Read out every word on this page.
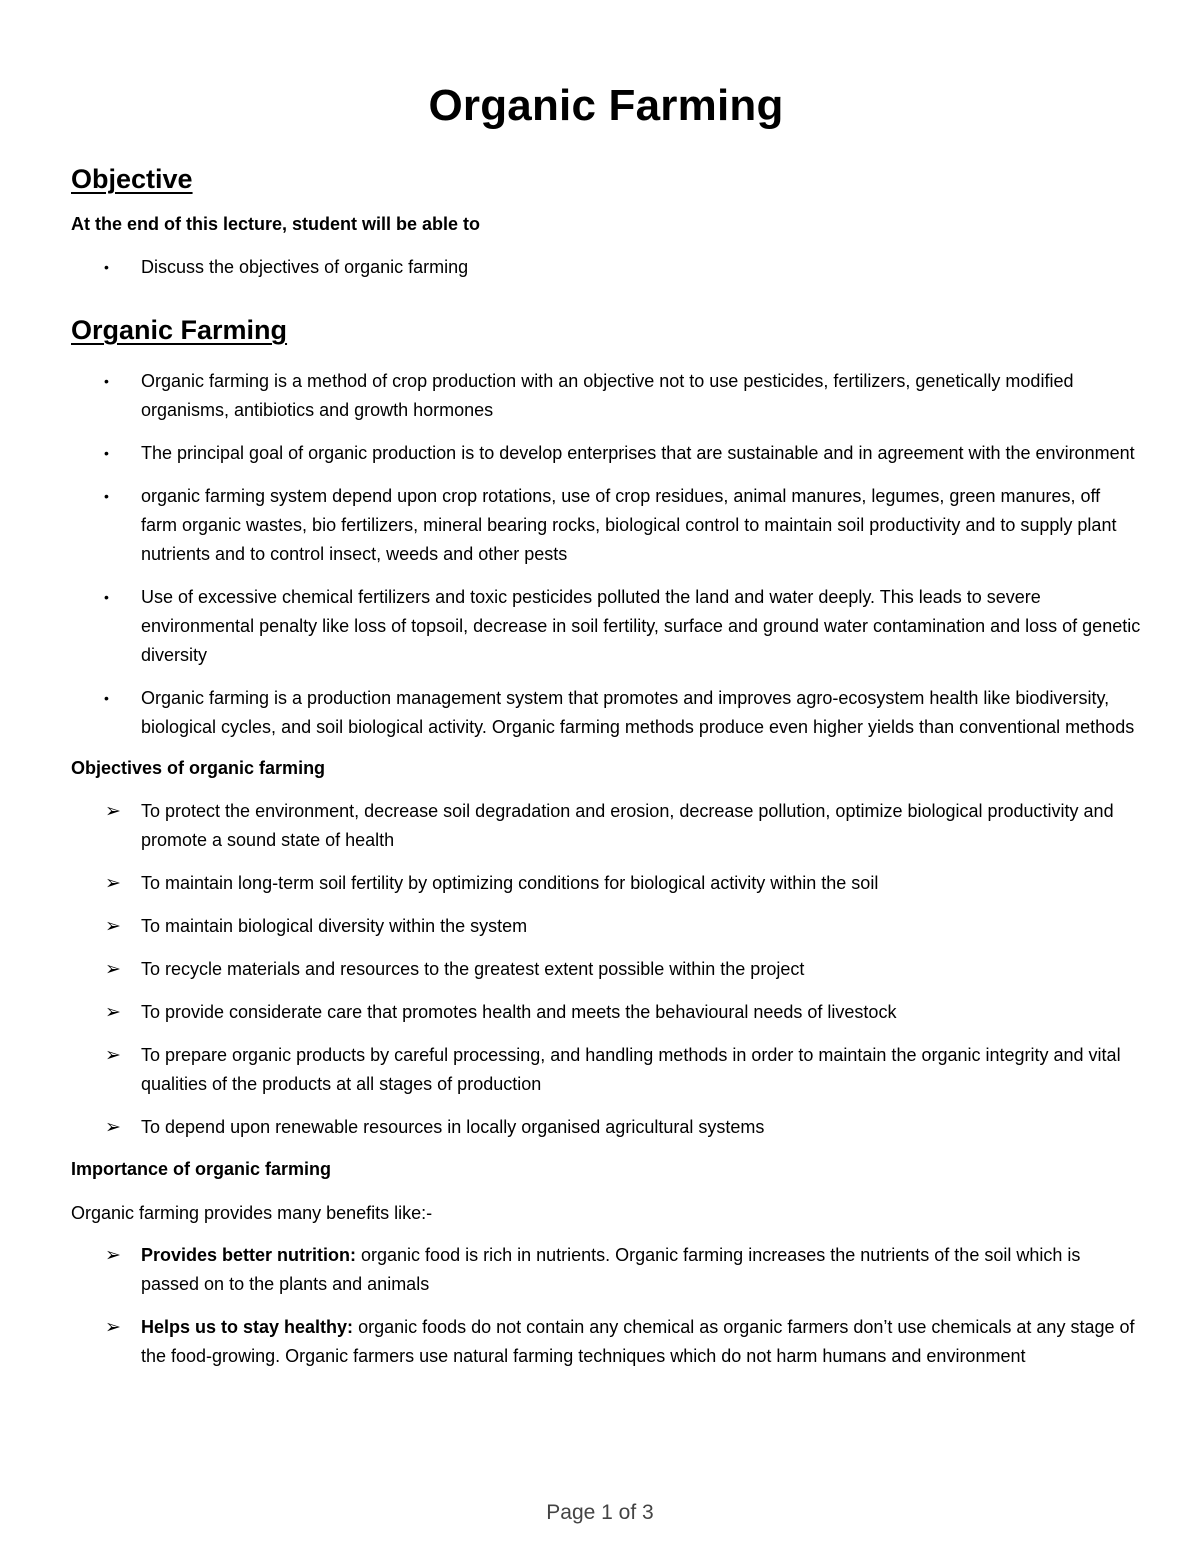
Organic Farming
Objective

At the end of this lecture, student will be able to

•	Discuss the objectives of organic farming
Organic Farming
•	Organic farming is a method of crop production with an objective not to use pesticides, fertilizers, genetically modified organisms, antibiotics and growth hormones
•	The principal goal of organic production is to develop enterprises that are sustainable and in agreement with the environment
•	organic farming system depend upon crop rotations, use of crop residues, animal manures, legumes, green manures, off farm organic wastes, bio fertilizers, mineral bearing rocks, biological control to maintain soil productivity and to supply plant nutrients and to control insect, weeds and other pests
•	Use of excessive chemical fertilizers and toxic pesticides polluted the land and water deeply. This leads to severe environmental penalty like loss of topsoil, decrease in soil fertility, surface and ground water contamination and loss of genetic diversity
•	Organic farming is a production management system that promotes and improves agro-ecosystem health like biodiversity, biological cycles, and soil biological activity. Organic farming methods produce even higher yields than conventional methods

Objectives of organic farming

➢	To protect the environment, decrease soil degradation and erosion, decrease pollution, optimize biological productivity and promote a sound state of health
➢	To maintain long-term soil fertility by optimizing conditions for biological activity within the soil
➢	To maintain biological diversity within the system
➢	To recycle materials and resources to the greatest extent possible within the project
➢	To provide considerate care that promotes health and meets the behavioural needs of livestock
➢	To prepare organic products by careful processing, and handling methods in order to maintain the organic integrity and vital qualities of the products at all stages of production
➢	To depend upon renewable resources in locally organised agricultural systems

Importance of organic farming

Organic farming provides many benefits like:-

➢	Provides better nutrition: organic food is rich in nutrients. Organic farming increases the nutrients of the soil which is passed on to the plants and animals
➢	Helps us to stay healthy: organic foods do not contain any chemical as organic farmers don’t use chemicals at any stage of the food-growing. Organic farmers use natural farming techniques which do not harm humans and environment
Page 1 of 3
